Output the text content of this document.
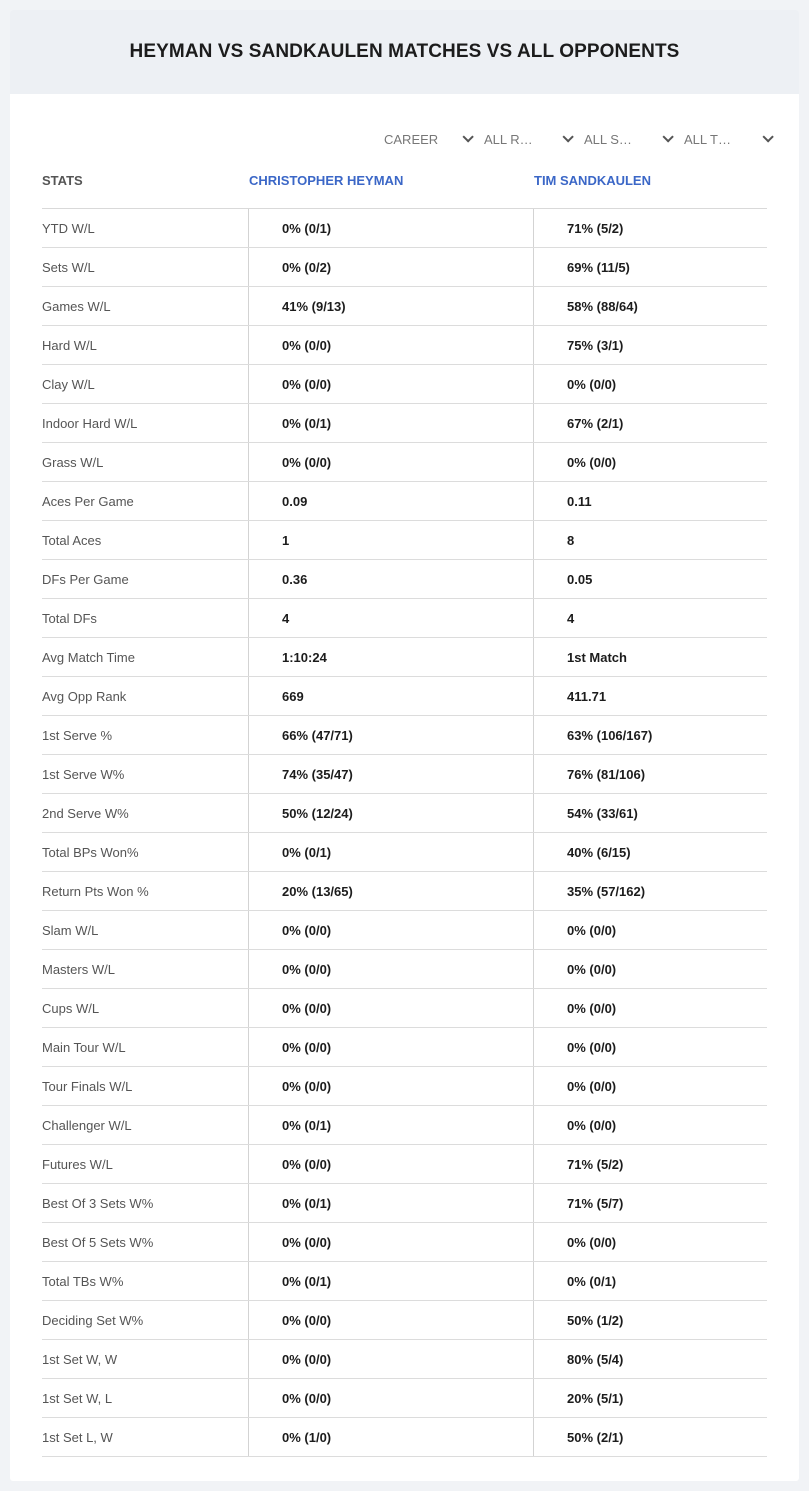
HEYMAN VS SANDKAULEN MATCHES VS ALL OPPONENTS
CAREER	ALL R…	ALL S…	ALL T…
STATS	CHRISTOPHER HEYMAN	TIM SANDKAULEN
YTD W/L	0% (0/1)	71% (5/2)
Sets W/L	0% (0/2)	69% (11/5)
Games W/L	41% (9/13)	58% (88/64)
Hard W/L	0% (0/0)	75% (3/1)
Clay W/L	0% (0/0)	0% (0/0)
Indoor Hard W/L	0% (0/1)	67% (2/1)
Grass W/L	0% (0/0)	0% (0/0)
Aces Per Game	0.09	0.11
Total Aces	1	8
DFs Per Game	0.36	0.05
Total DFs	4	4
Avg Match Time	1:10:24	1st Match
Avg Opp Rank	669	411.71
1st Serve %	66% (47/71)	63% (106/167)
1st Serve W%	74% (35/47)	76% (81/106)
2nd Serve W%	50% (12/24)	54% (33/61)
Total BPs Won%	0% (0/1)	40% (6/15)
Return Pts Won %	20% (13/65)	35% (57/162)
Slam W/L	0% (0/0)	0% (0/0)
Masters W/L	0% (0/0)	0% (0/0)
Cups W/L	0% (0/0)	0% (0/0)
Main Tour W/L	0% (0/0)	0% (0/0)
Tour Finals W/L	0% (0/0)	0% (0/0)
Challenger W/L	0% (0/1)	0% (0/0)
Futures W/L	0% (0/0)	71% (5/2)
Best Of 3 Sets W%	0% (0/1)	71% (5/7)
Best Of 5 Sets W%	0% (0/0)	0% (0/0)
Total TBs W%	0% (0/1)	0% (0/1)
Deciding Set W%	0% (0/0)	50% (1/2)
1st Set W, W	0% (0/0)	80% (5/4)
1st Set W, L	0% (0/0)	20% (5/1)
1st Set L, W	0% (1/0)	50% (2/1)
